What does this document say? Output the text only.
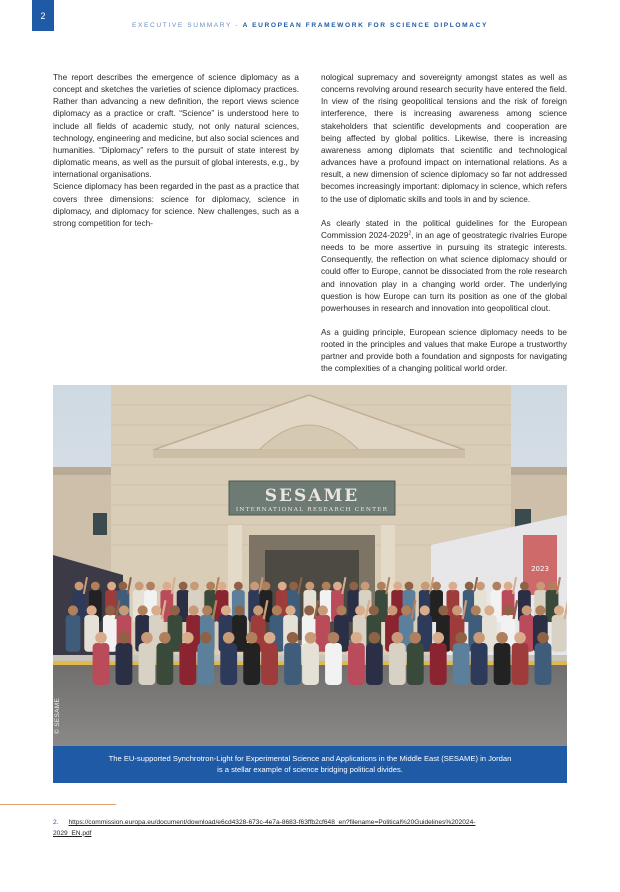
2
EXECUTIVE SUMMARY - A EUROPEAN FRAMEWORK FOR SCIENCE DIPLOMACY

The report describes the emergence of science diplomacy as a concept and sketches the varieties of science diplomacy practices. Rather than advancing a new definition, the report views science diplomacy as a practice or craft. “Science” is understood here to include all fields of academic study, not only natural sciences, technology, engineering and medicine, but also social sciences and humanities. “Diplomacy” refers to the pursuit of state interest by diplomatic means, as well as the pursuit of global interests, e.g., by international organisations.

Science diplomacy has been regarded in the past as a practice that covers three dimensions: science for diplomacy, science in diplomacy, and diplomacy for science. New challenges, such as a strong competition for tech-

nological supremacy and sovereignty amongst states as well as concerns revolving around research security have entered the field. In view of the rising geopolitical tensions and the risk of foreign interference, there is increasing awareness among science stakeholders that scientific developments and cooperation are being affected by global politics. Likewise, there is increasing awareness among diplomats that scientific and technological advances have a profound impact on international relations. As a result, a new dimension of science diplomacy so far not addressed becomes increasingly important: diplomacy in science, which refers to the use of diplomatic skills and tools in and by science.

As clearly stated in the political guidelines for the European Commission 2024-2029$^2$, in an age of geostrategic rivalries Europe needs to be more assertive in pursuing its strategic interests. Consequently, the reflection on what science diplomacy should or could offer to Europe, cannot be dissociated from the role research and innovation play in a changing world order. The underlying question is how Europe can turn its position as one of the global powerhouses in research and innovation into geopolitical clout.

As a guiding principle, European science diplomacy needs to be rooted in the principles and values that make Europe a trustworthy partner and provide both a foundation and signposts for navigating the complexities of a changing political world order.

SESAME
INTERNATIONAL RESEARCH CENTER
2023
© SESAME
The EU-supported Synchrotron-Light for Experimental Science and Applications in the Middle East (SESAME) in Jordan
is a stellar example of science bridging political divides.
2. https://commission.europa.eu/document/download/e6cd4328-673c-4e7a-8683-f63ffb2cf648_en?filename=Political%20Guidelines%202024-
2029_EN.pdf
